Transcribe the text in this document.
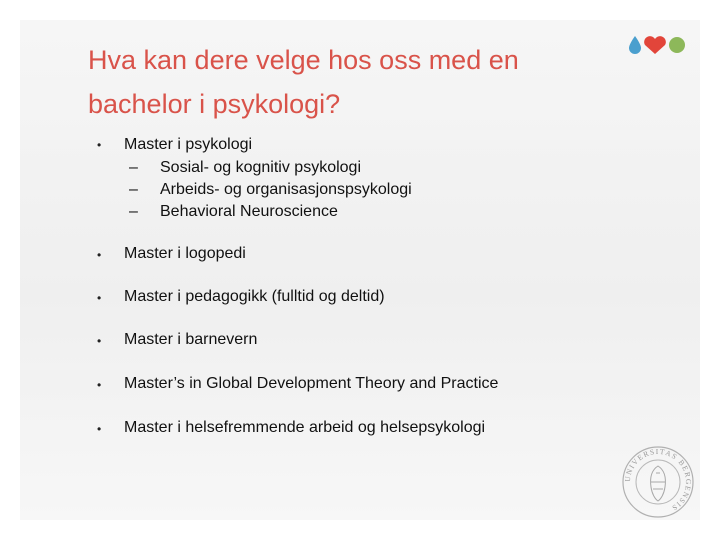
Hva kan dere velge hos oss med en
bachelor i psykologi?
• Master i psykologi
– Sosial- og kognitiv psykologi
– Arbeids- og organisasjonspsykologi
– Behavioral Neuroscience
• Master i logopedi
• Master i pedagogikk (fulltid og deltid)
• Master i barnevern
• Master’s in Global Development Theory and Practice
• Master i helsefremmende arbeid og helsepsykologi
UNIVERSITAS BERGENSIS
